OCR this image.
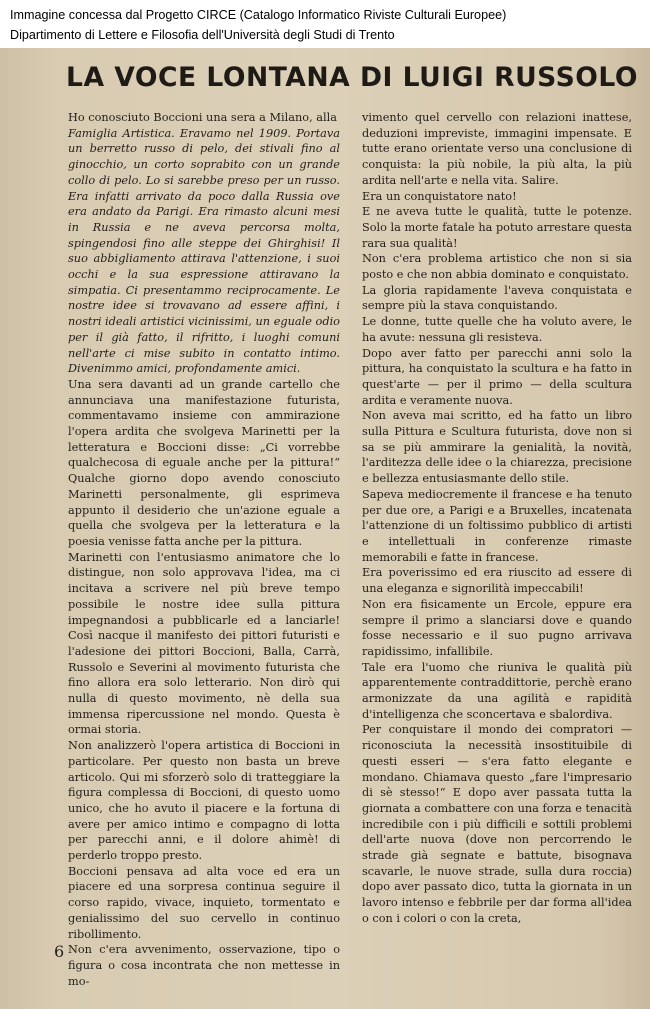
Immagine concessa dal Progetto CIRCE (Catalogo Informatico Riviste Culturali Europee)
Dipartimento di Lettere e Filosofia dell'Università degli Studi di Trento
LA VOCE LONTANA DI LUIGI RUSSOLO

Ho conosciuto Boccioni una sera a Milano, alla

Famiglia Artistica. Eravamo nel 1909. Portava un berretto russo di pelo, dei stivali fino al ginocchio, un corto soprabito con un grande collo di pelo. Lo si sarebbe preso per un russo. Era infatti arrivato da poco dalla Russia ove era andato da Parigi. Era rimasto alcuni mesi in Russia e ne aveva percorsa molta, spingendosi fino alle steppe dei Ghirghisi! Il suo abbigliamento attirava l'attenzione, i suoi occhi e la sua espressione attiravano la simpatia. Ci presentammo reciprocamente. Le nostre idee si trovavano ad essere affini, i nostri ideali artistici vicinissimi, un eguale odio per il già fatto, il rifritto, i luoghi comuni nell'arte ci mise subito in contatto intimo. Divenimmo amici, profondamente amici.

Una sera davanti ad un grande cartello che annunciava una manifestazione futurista, commentavamo insieme con ammirazione l'opera ardita che svolgeva Marinetti per la letteratura e Boccioni disse: „Ci vorrebbe qualchecosa di eguale anche per la pittura!“ Qualche giorno dopo avendo conosciuto Marinetti personalmente, gli esprimeva appunto il desiderio che un'azione eguale a quella che svolgeva per la letteratura e la poesia venisse fatta anche per la pittura.

Marinetti con l'entusiasmo animatore che lo distingue, non solo approvava l'idea, ma ci incitava a scrivere nel più breve tempo possibile le nostre idee sulla pittura impegnandosi a pubblicarle ed a lanciarle! Così nacque il manifesto dei pittori futuristi e l'adesione dei pittori Boccioni, Balla, Carrà, Russolo e Severini al movimento futurista che fino allora era solo letterario. Non dirò qui nulla di questo movimento, nè della sua immensa ripercussione nel mondo. Questa è ormai storia.

Non analizzerò l'opera artistica di Boccioni in particolare. Per questo non basta un breve articolo. Qui mi sforzerò solo di tratteggiare la figura complessa di Boccioni, di questo uomo unico, che ho avuto il piacere e la fortuna di avere per amico intimo e compagno di lotta per parecchi anni, e il dolore ahimè! di perderlo troppo presto.

Boccioni pensava ad alta voce ed era un piacere ed una sorpresa continua seguire il corso rapido, vivace, inquieto, tormentato e genialissimo del suo cervello in continuo ribollimento.

Non c'era avvenimento, osservazione, tipo o figura o cosa incontrata che non mettesse in mo-

vimento quel cervello con relazioni inattese, deduzioni impreviste, immagini impensate. E tutte erano orientate verso una conclusione di conquista: la più nobile, la più alta, la più ardita nell'arte e nella vita. Salire.

Era un conquistatore nato!

E ne aveva tutte le qualità, tutte le potenze. Solo la morte fatale ha potuto arrestare questa rara sua qualità!

Non c'era problema artistico che non si sia posto e che non abbia dominato e conquistato.

La gloria rapidamente l'aveva conquistata e sempre più la stava conquistando.

Le donne, tutte quelle che ha voluto avere, le ha avute: nessuna gli resisteva.

Dopo aver fatto per parecchi anni solo la pittura, ha conquistato la scultura e ha fatto in quest'arte — per il primo — della scultura ardita e veramente nuova.

Non aveva mai scritto, ed ha fatto un libro sulla Pittura e Scultura futurista, dove non si sa se più ammirare la genialità, la novità, l'arditezza delle idee o la chiarezza, precisione e bellezza entusiasmante dello stile.

Sapeva mediocremente il francese e ha tenuto per due ore, a Parigi e a Bruxelles, incatenata l'attenzione di un foltissimo pubblico di artisti e intellettuali in conferenze rimaste memorabili e fatte in francese.

Era poverissimo ed era riuscito ad essere di una eleganza e signorilità impeccabili!

Non era fisicamente un Ercole, eppure era sempre il primo a slanciarsi dove e quando fosse necessario e il suo pugno arrivava rapidissimo, infallibile.

Tale era l'uomo che riuniva le qualità più apparentemente contraddittorie, perchè erano armonizzate da una agilità e rapidità d'intelligenza che sconcertava e sbalordiva.

Per conquistare il mondo dei compratori — riconosciuta la necessità insostituibile di questi esseri — s'era fatto elegante e mondano. Chiamava questo „fare l'impresario di sè stesso!“ E dopo aver passata tutta la giornata a combattere con una forza e tenacità incredibile con i più difficili e sottili problemi dell'arte nuova (dove non percorrendo le strade già segnate e battute, bisognava scavarle, le nuove strade, sulla dura roccia) dopo aver passato dico, tutta la giornata in un lavoro intenso e febbrile per dar forma all'idea o con i colori o con la creta,

6
